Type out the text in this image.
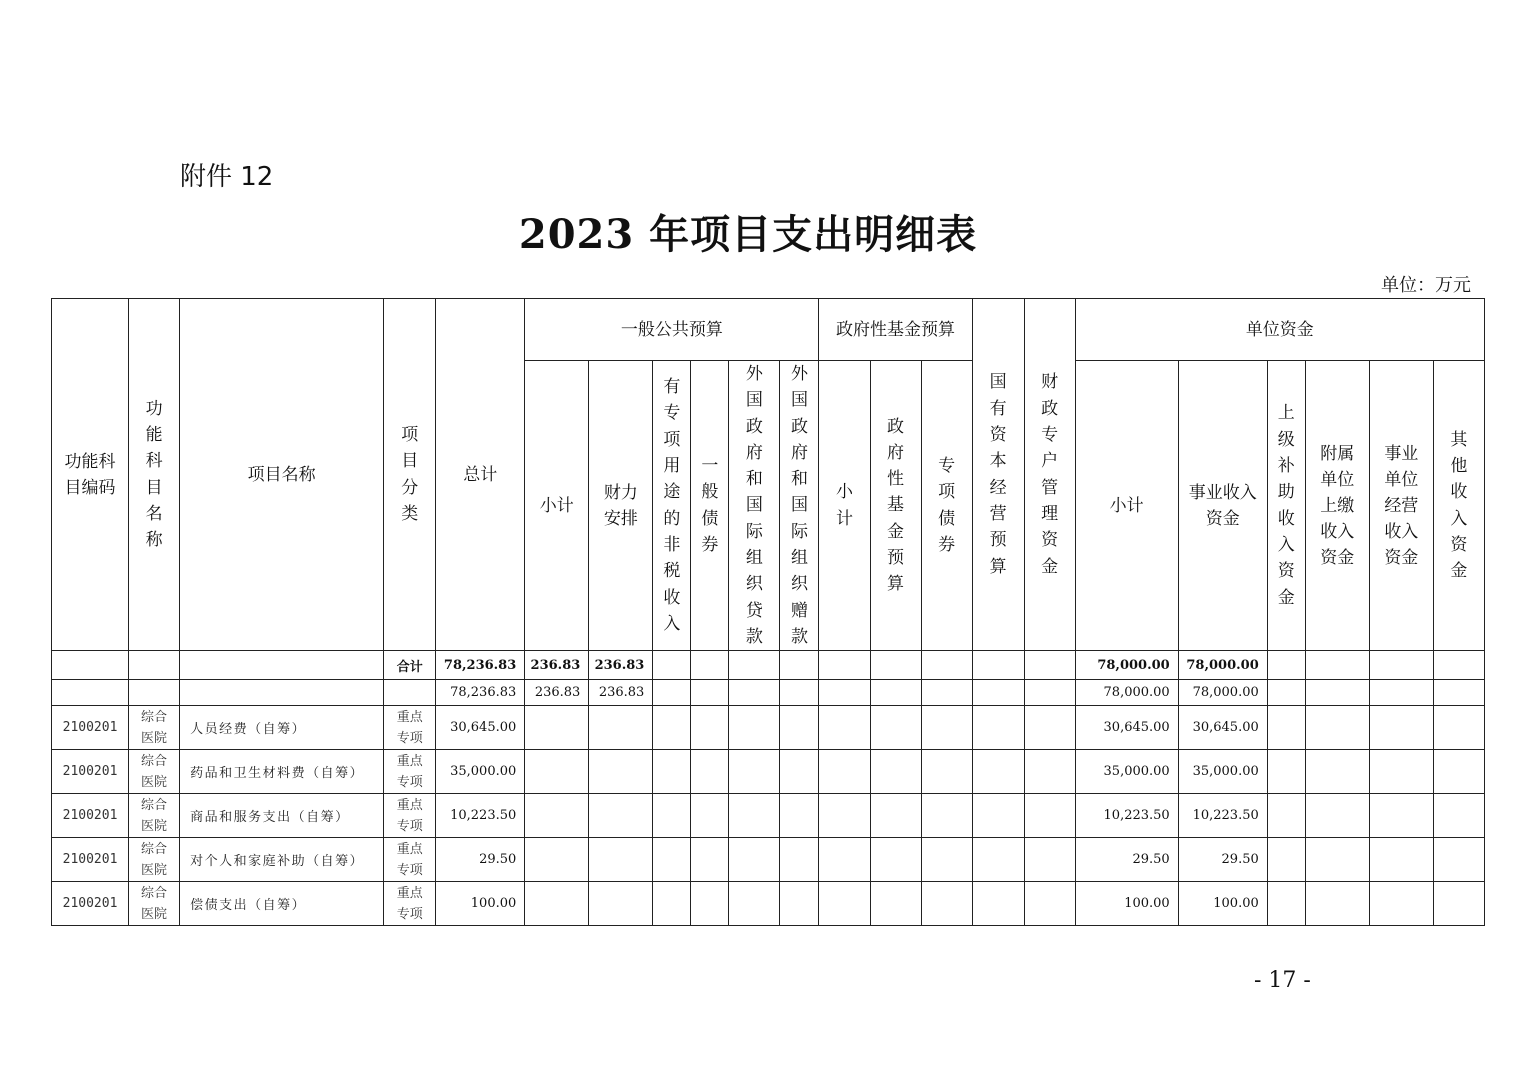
附件 12
2023 年项目支出明细表
单位：万元
功能科目编码	功能科目名称	项目名称	项目分类	总计	一般公共预算						政府性基金预算			国有资本经营预算	财政专户管理资金	单位资金					
					小计	财力安排	有专项用途的非税收入	一般债券	外国政府和国际组织贷款	外国政府和国际组织赠款	小计	政府性基金预算	专项债券			小计	事业收入资金	上级补助收入资金	附属单位上缴收入资金	事业单位经营收入资金	其他收入资金

			合计	78,236.83	236.83	236.83										78,000.00	78,000.00				
				78,236.83	236.83	236.83										78,000.00	78,000.00				
2100201	综合医院	人员经费（自筹）	重点专项	30,645.00												30,645.00	30,645.00				
2100201	综合医院	药品和卫生材料费（自筹）	重点专项	35,000.00												35,000.00	35,000.00				
2100201	综合医院	商品和服务支出（自筹）	重点专项	10,223.50												10,223.50	10,223.50				
2100201	综合医院	对个人和家庭补助（自筹）	重点专项	29.50												29.50	29.50				
2100201	综合医院	偿债支出（自筹）	重点专项	100.00												100.00	100.00				
- 17 -
